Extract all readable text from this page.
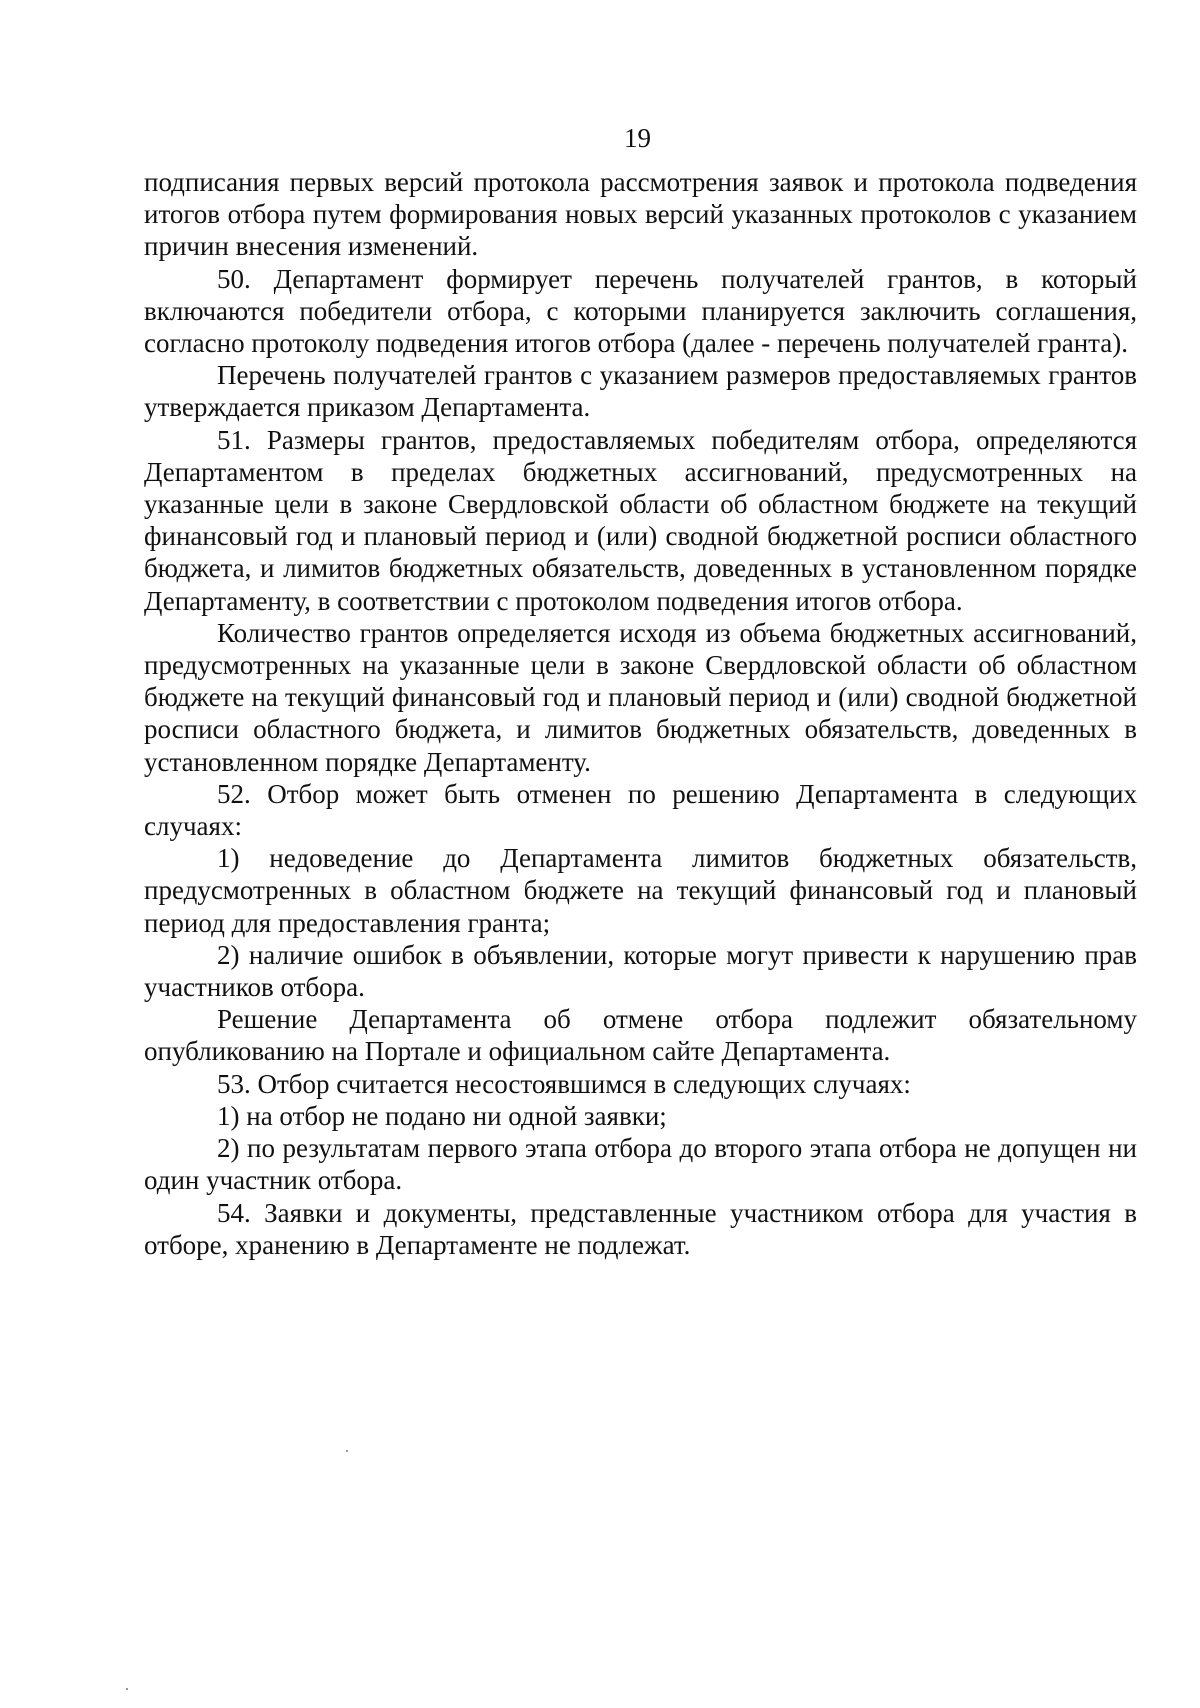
19

подписания первых версий протокола рассмотрения заявок и протокола подведения итогов отбора путем формирования новых версий указанных протоколов с указанием причин внесения изменений.

50. Департамент формирует перечень получателей грантов, в который включаются победители отбора, с которыми планируется заключить соглашения, согласно протоколу подведения итогов отбора (далее - перечень получателей гранта).

Перечень получателей грантов с указанием размеров предоставляемых грантов утверждается приказом Департамента.

51. Размеры грантов, предоставляемых победителям отбора, определяются Департаментом в пределах бюджетных ассигнований, предусмотренных на указанные цели в законе Свердловской области об областном бюджете на текущий финансовый год и плановый период и (или) сводной бюджетной росписи областного бюджета, и лимитов бюджетных обязательств, доведенных в установленном порядке Департаменту, в соответствии с протоколом подведения итогов отбора.

Количество грантов определяется исходя из объема бюджетных ассигнований, предусмотренных на указанные цели в законе Свердловской области об областном бюджете на текущий финансовый год и плановый период и (или) сводной бюджетной росписи областного бюджета, и лимитов бюджетных обязательств, доведенных в установленном порядке Департаменту.

52. Отбор может быть отменен по решению Департамента в следующих случаях:

1) недоведение до Департамента лимитов бюджетных обязательств, предусмотренных в областном бюджете на текущий финансовый год и плановый период для предоставления гранта;

2) наличие ошибок в объявлении, которые могут привести к нарушению прав участников отбора.

Решение Департамента об отмене отбора подлежит обязательному опубликованию на Портале и официальном сайте Департамента.

53. Отбор считается несостоявшимся в следующих случаях:

1) на отбор не подано ни одной заявки;

2) по результатам первого этапа отбора до второго этапа отбора не допущен ни один участник отбора.

54. Заявки и документы, представленные участником отбора для участия в отборе, хранению в Департаменте не подлежат.
